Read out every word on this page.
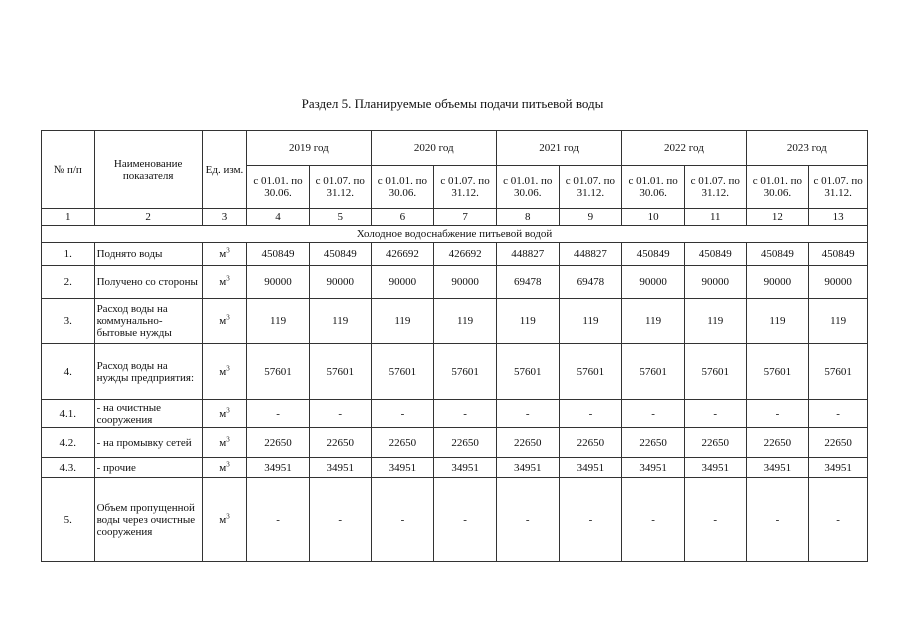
Раздел 5. Планируемые объемы подачи питьевой воды
№ п/п	Наименование показателя	Ед. изм.	2019 год		2020 год		2021 год		2022 год		2023 год	
			с 01.01. по 30.06.	с 01.07. по 31.12.	с 01.01. по 30.06.	с 01.07. по 31.12.	с 01.01. по 30.06.	с 01.07. по 31.12.	с 01.01. по 30.06.	с 01.07. по 31.12.	с 01.01. по 30.06.	с 01.07. по 31.12.
1	2	3	4	5	6	7	8	9	10	11	12	13
Холодное водоснабжение питьевой водой												
1.	Поднято воды	$м^3$	450849	450849	426692	426692	448827	448827	450849	450849	450849	450849
2.	Получено со стороны	$м^3$	90000	90000	90000	90000	69478	69478	90000	90000	90000	90000
3.	Расход воды на коммунально-бытовые нужды	$м^3$	119	119	119	119	119	119	119	119	119	119
4.	Расход воды на нужды предприятия:	$м^3$	57601	57601	57601	57601	57601	57601	57601	57601	57601	57601
4.1.	- на очистные сооружения	$м^3$	-	-	-	-	-	-	-	-	-	-
4.2.	- на промывку сетей	$м^3$	22650	22650	22650	22650	22650	22650	22650	22650	22650	22650
4.3.	- прочие	$м^3$	34951	34951	34951	34951	34951	34951	34951	34951	34951	34951
5.	Объем пропущенной воды через очистные сооружения	$м^3$	-	-	-	-	-	-	-	-	-	-
